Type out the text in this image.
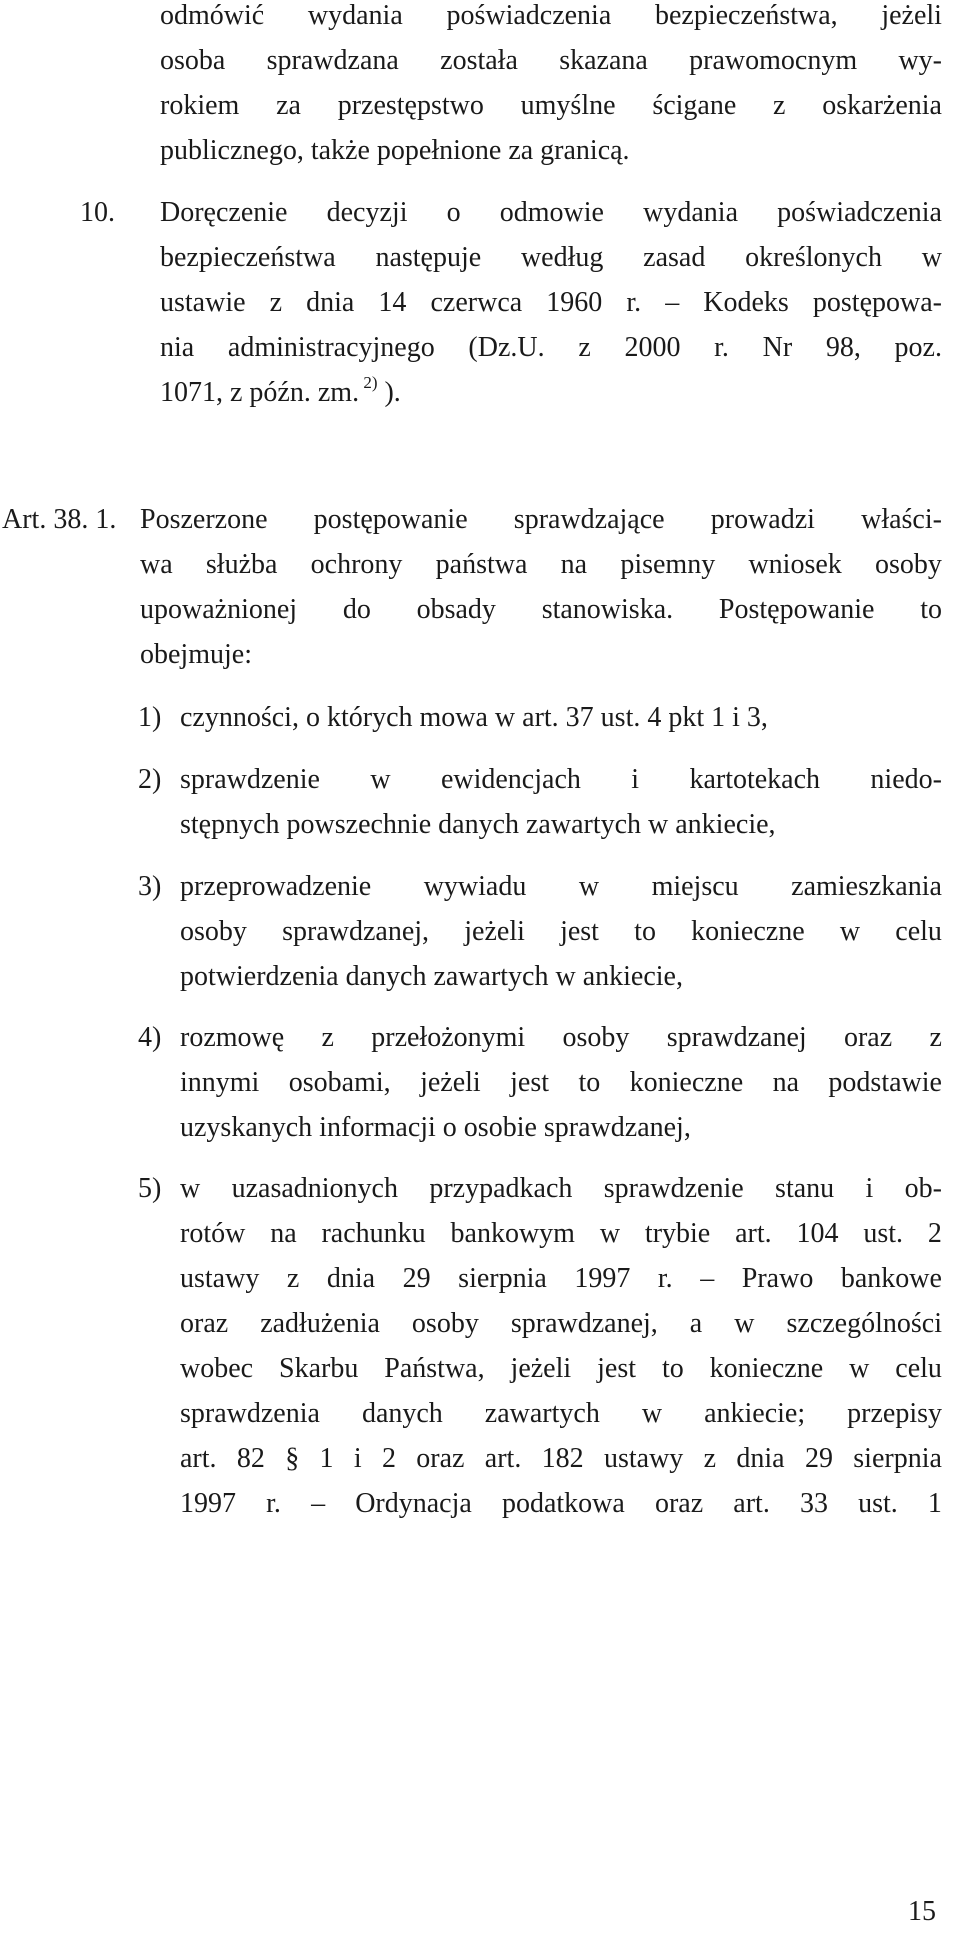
odmówić wydania poświadczenia bezpieczeństwa, jeżeli
osoba sprawdzana została skazana prawomocnym wy-
rokiem za przestępstwo umyślne ścigane z oskarżenia
publicznego, także popełnione za granicą.
10. Doręczenie decyzji o odmowie wydania poświadczenia
bezpieczeństwa następuje według zasad określonych w
ustawie z dnia 14 czerwca 1960 r. – Kodeks postępowa-
nia administracyjnego (Dz.U. z 2000 r. Nr 98, poz.
1071, z późn. zm. $^{2)}$ ).
Art. 38. 1. Poszerzone postępowanie sprawdzające prowadzi właści-
wa służba ochrony państwa na pisemny wniosek osoby
upoważnionej do obsady stanowiska. Postępowanie to
obejmuje:
1) czynności, o których mowa w art. 37 ust. 4 pkt 1 i 3,
2) sprawdzenie w ewidencjach i kartotekach niedo-
stępnych powszechnie danych zawartych w ankiecie,
3) przeprowadzenie wywiadu w miejscu zamieszkania
osoby sprawdzanej, jeżeli jest to konieczne w celu
potwierdzenia danych zawartych w ankiecie,
4) rozmowę z przełożonymi osoby sprawdzanej oraz z
innymi osobami, jeżeli jest to konieczne na podstawie
uzyskanych informacji o osobie sprawdzanej,
5) w uzasadnionych przypadkach sprawdzenie stanu i ob-
rotów na rachunku bankowym w trybie art. 104 ust. 2
ustawy z dnia 29 sierpnia 1997 r. – Prawo bankowe
oraz zadłużenia osoby sprawdzanej, a w szczególności
wobec Skarbu Państwa, jeżeli jest to konieczne w celu
sprawdzenia danych zawartych w ankiecie; przepisy
art. 82 § 1 i 2 oraz art. 182 ustawy z dnia 29 sierpnia
1997 r. – Ordynacja podatkowa oraz art. 33 ust. 1
15
